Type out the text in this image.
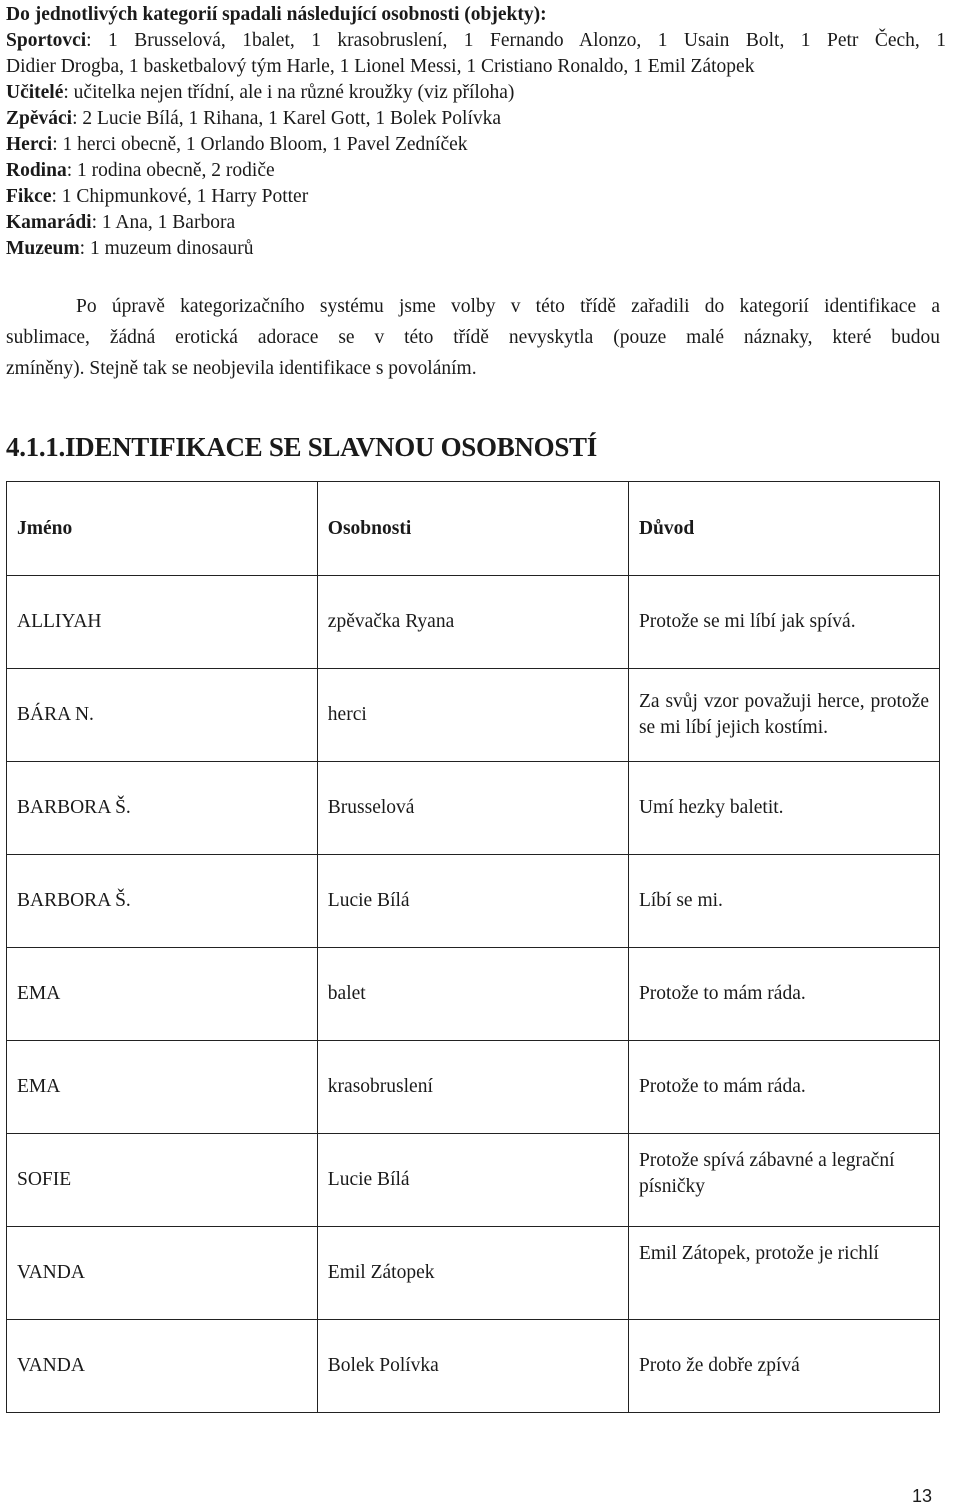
Do jednotlivých kategorií spadali následující osobnosti (objekty):
Sportovci: 1 Brusselová, 1balet, 1 krasobruslení, 1 Fernando Alonzo, 1 Usain Bolt, 1 Petr Čech, 1
Didier Drogba, 1 basketbalový tým Harle, 1 Lionel Messi, 1 Cristiano Ronaldo, 1 Emil Zátopek
Učitelé: učitelka nejen třídní, ale i na různé kroužky (viz příloha)
Zpěváci: 2 Lucie Bílá, 1 Rihana, 1 Karel Gott, 1 Bolek Polívka
Herci: 1 herci obecně, 1 Orlando Bloom, 1 Pavel Zedníček
Rodina: 1 rodina obecně, 2 rodiče
Fikce: 1 Chipmunkové, 1 Harry Potter
Kamarádi: 1 Ana, 1 Barbora
Muzeum: 1 muzeum dinosaurů
Po úpravě kategorizačního systému jsme volby v této třídě zařadili do kategorií identifikace a
sublimace, žádná erotická adorace se v této třídě nevyskytla (pouze malé náznaky, které budou
zmíněny). Stejně tak se neobjevila identifikace s povoláním.
4.1.1.IDENTIFIKACE SE SLAVNOU OSOBNOSTÍ
Jméno	Osobnosti	Důvod
ALLIYAH	zpěvačka Ryana	Protože se mi líbí jak spívá.
BÁRA N.	herci	Za svůj vzor považuji herce, protože se mi líbí jejich kostími.
BARBORA Š.	Brusselová	Umí hezky baletit.
BARBORA Š.	Lucie Bílá	Líbí se mi.
EMA	balet	Protože to mám ráda.
EMA	krasobruslení	Protože to mám ráda.
SOFIE	Lucie Bílá	Protože spívá zábavné a legrační písničky
VANDA	Emil Zátopek	Emil Zátopek, protože je richlí
VANDA	Bolek Polívka	Proto že dobře zpívá
13
